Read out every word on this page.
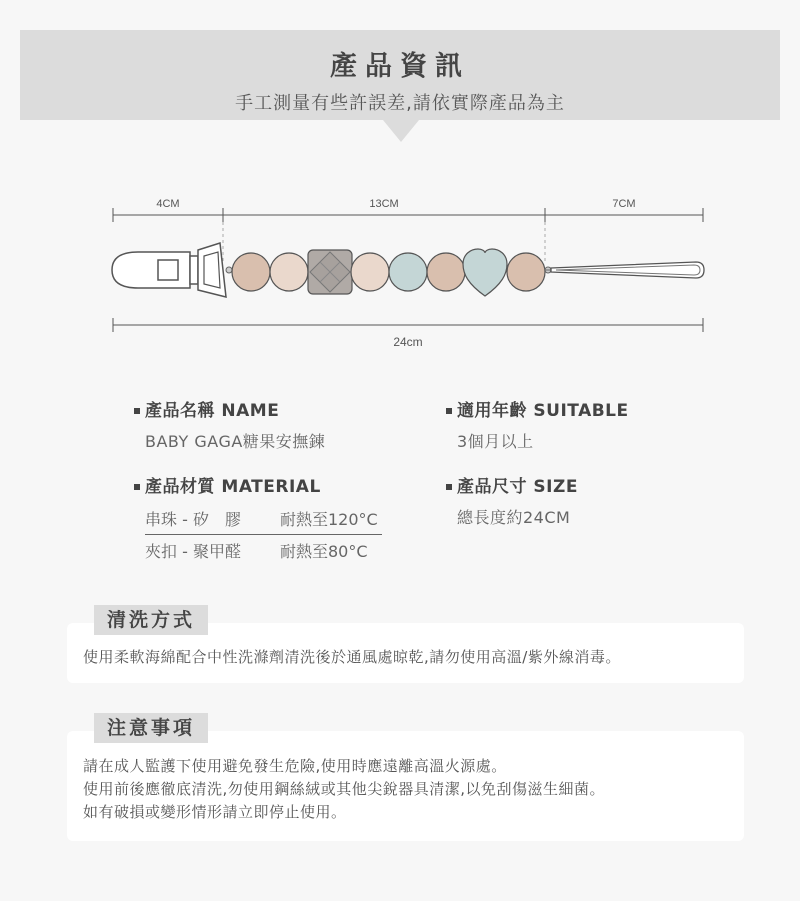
產品資訊
手工測量有些許誤差,請依實際產品為主
4CM	13CM	7CM
24cm
產品名稱 NAME
BABY GAGA糖果安撫鍊
適用年齡 SUITABLE
3個月以上
產品材質 MATERIAL
串珠 - 矽　膠	耐熱至120°C
夾扣 - 聚甲醛	耐熱至80°C
產品尺寸 SIZE
總長度約24CM
使用柔軟海綿配合中性洗滌劑清洗後於通風處晾乾,請勿使用高溫/紫外線消毒。
清洗方式
請在成人監護下使用避免發生危險,使用時應遠離高溫火源處。
使用前後應徹底清洗,勿使用鋼絲絨或其他尖銳器具清潔,以免刮傷滋生細菌。
如有破損或變形情形請立即停止使用。
注意事項
